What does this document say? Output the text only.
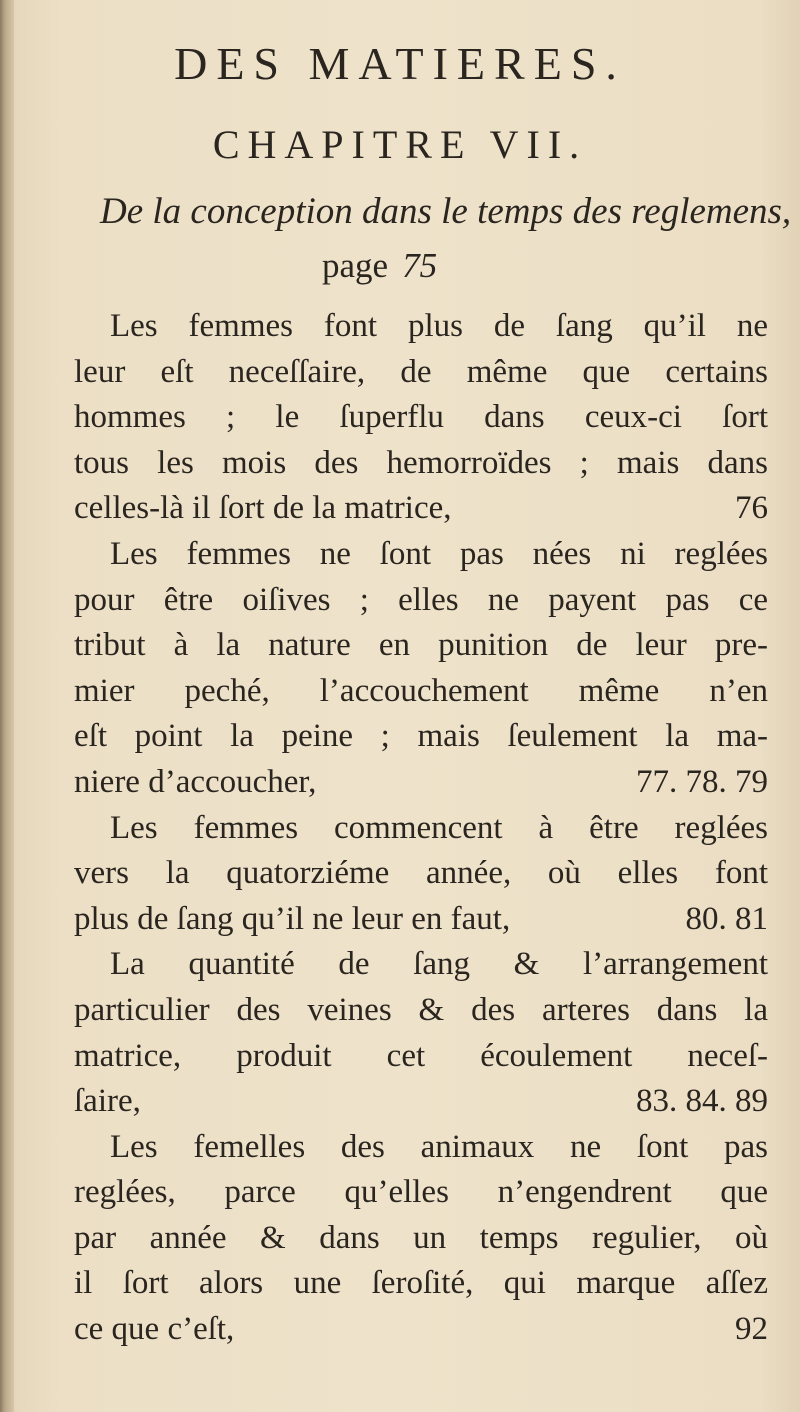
DES MATIERES.
CHAPITRE VII.
De la conception dans le temps des reglemens,
page 75
Les femmes font plus de ſang qu’il ne
leur eſt neceſſaire, de même que certains
hommes ; le ſuperflu dans ceux-ci ſort
tous les mois des hemorroïdes ; mais dans
celles-là il ſort de la matrice,	76
Les femmes ne ſont pas nées ni reglées
pour être oiſives ; elles ne payent pas ce
tribut à la nature en punition de leur pre-
mier peché, l’accouchement même n’en
eſt point la peine ; mais ſeulement la ma-
niere d’accoucher,	77. 78. 79
Les femmes commencent à être reglées
vers la quatorziéme année, où elles font
plus de ſang qu’il ne leur en faut,	80. 81
La quantité de ſang & l’arrangement
particulier des veines & des arteres dans la
matrice, produit cet écoulement neceſ-
ſaire,	83. 84. 89
Les femelles des animaux ne ſont pas
reglées, parce qu’elles n’engendrent que
par année & dans un temps regulier, où
il ſort alors une ſeroſité, qui marque aſſez
ce que c’eſt,	92
